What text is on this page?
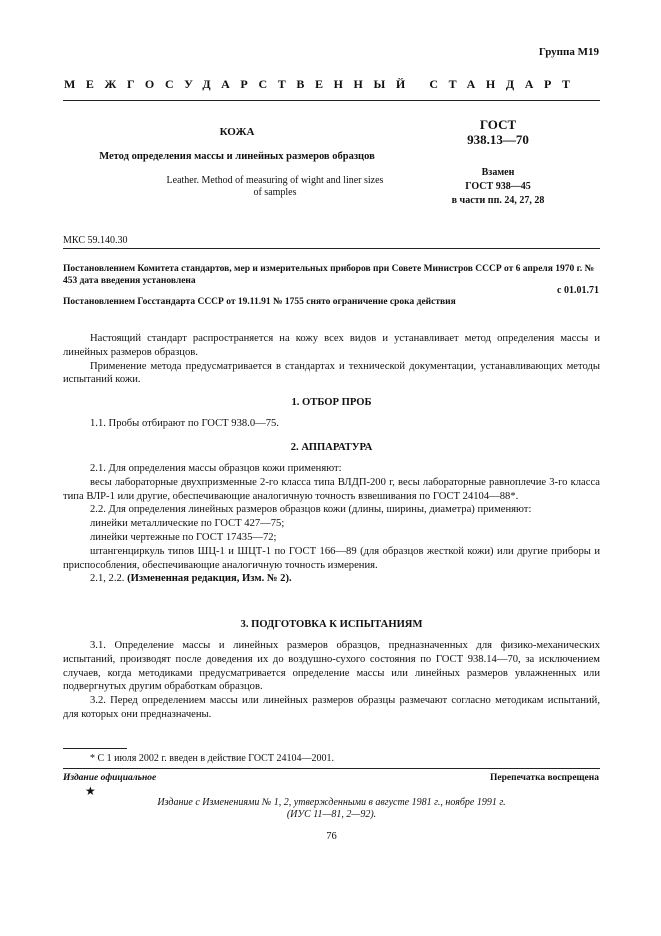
Группа М19
МЕЖГОСУДАРСТВЕННЫЙ СТАНДАРТ
КОЖА
Метод определения массы и линейных размеров образцов
Leather. Method of measuring of wight and liner sizes
of samples
ГОСТ
938.13—70
Взамен
ГОСТ 938—45
в части пп. 24, 27, 28
МКС 59.140.30
Постановлением Комитета стандартов, мер и измерительных приборов при Совете Министров СССР от 6 апреля 1970 г. № 453 дата введения установлена
с 01.01.71
Постановлением Госстандарта СССР от 19.11.91 № 1755 снято ограничение срока действия

Настоящий стандарт распространяется на кожу всех видов и устанавливает метод определения массы и линейных размеров образцов.

Применение метода предусматривается в стандартах и технической документации, устанавливающих методы испытаний кожи.

1. ОТБОР ПРОБ

1.1. Пробы отбирают по ГОСТ 938.0—75.

2. АППАРАТУРА

2.1. Для определения массы образцов кожи применяют:

весы лабораторные двухпризменные 2-го класса типа ВЛДП-200 г, весы лабораторные равноплечие 3-го класса типа ВЛР-1 или другие, обеспечивающие аналогичную точность взвешивания по ГОСТ 24104—88*.

2.2. Для определения линейных размеров образцов кожи (длины, ширины, диаметра) применяют:

линейки металлические по ГОСТ 427—75;

линейки чертежные по ГОСТ 17435—72;

штангенциркуль типов ШЦ-1 и ШЦТ-1 по ГОСТ 166—89 (для образцов жесткой кожи) или другие приборы и приспособления, обеспечивающие аналогичную точность измерения.

2.1, 2.2. (Измененная редакция, Изм. № 2).

3. ПОДГОТОВКА К ИСПЫТАНИЯМ

3.1. Определение массы и линейных размеров образцов, предназначенных для физико-механических испытаний, производят после доведения их до воздушно-сухого состояния по ГОСТ 938.14—70, за исключением случаев, когда методиками предусматривается определение массы или линейных размеров увлажненных или подвергнутых другим обработкам образцов.

3.2. Перед определением массы или линейных размеров образцы размечают согласно методикам испытаний, для которых они предназначены.

* С 1 июля 2002 г. введен в действие ГОСТ 24104—2001.
Издание официальное	Перепечатка воспрещена
★
Издание с Изменениями № 1, 2, утвержденными в августе 1981 г., ноябре 1991 г.
(ИУС 11—81, 2—92).
76
